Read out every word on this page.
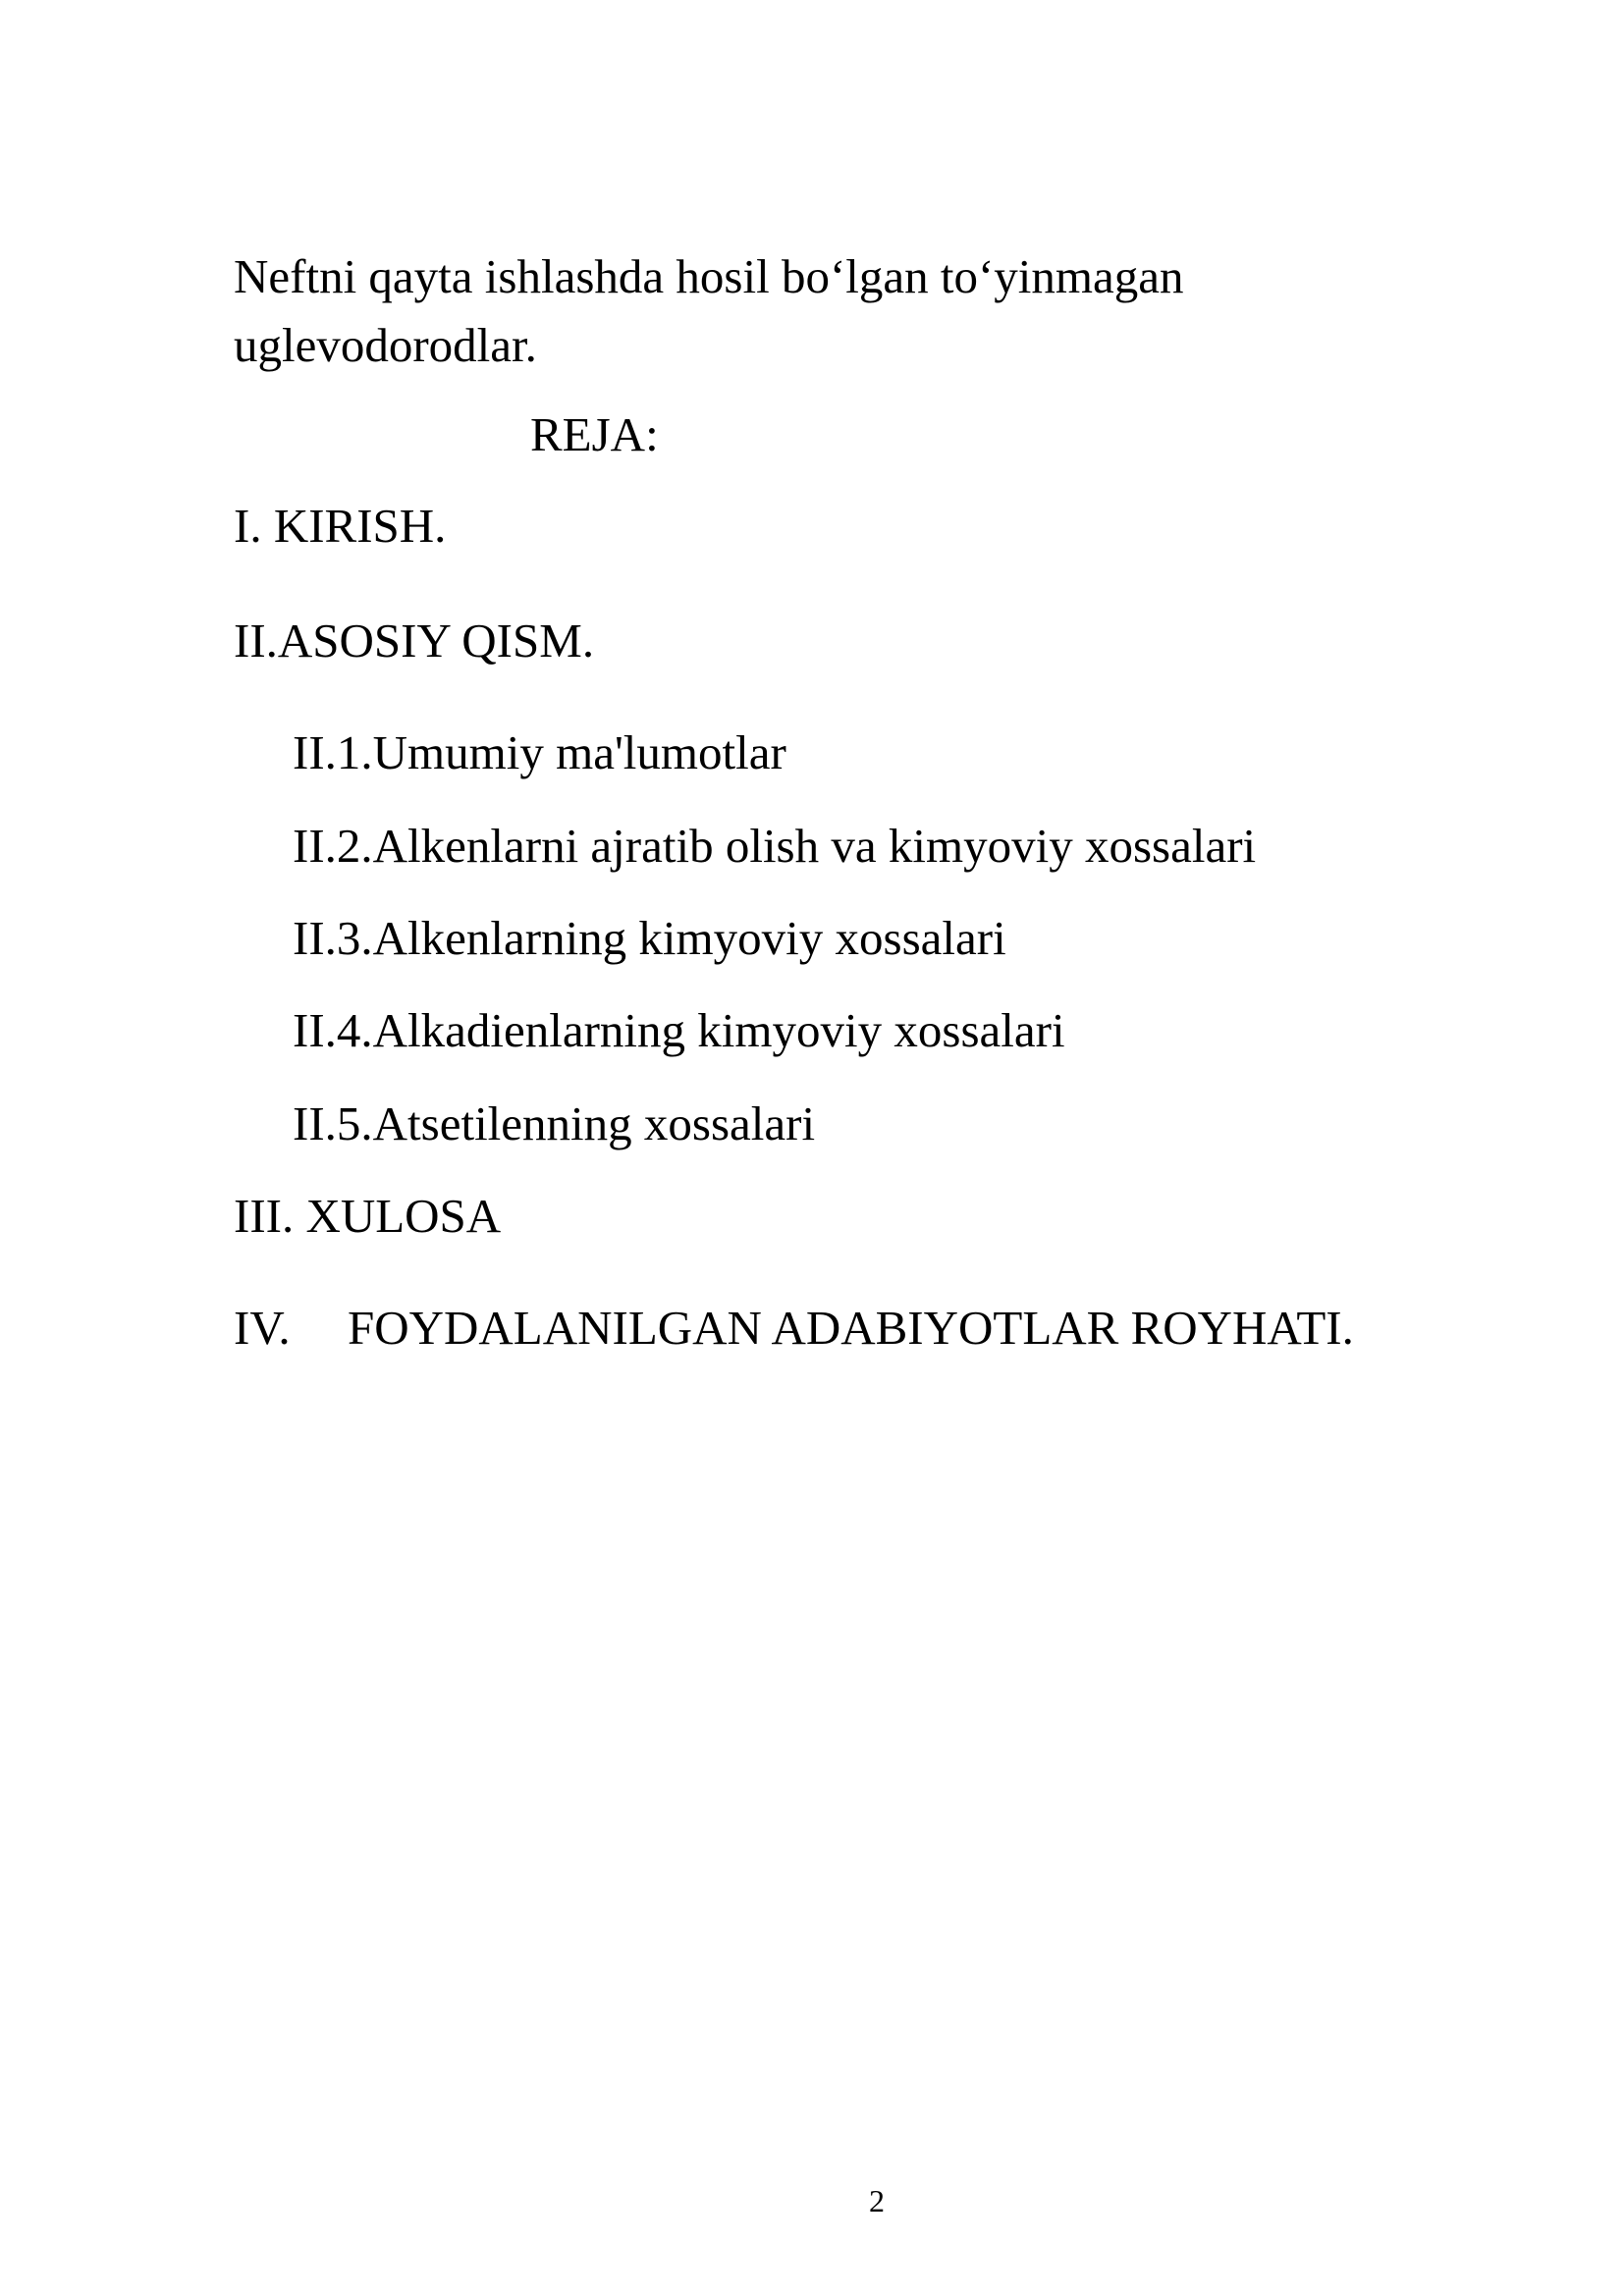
Neftni qayta ishlashda hosil bo‘lgan to‘yinmagan
uglevodorodlar.
REJA:
I. KIRISH.
II.ASOSIY QISM.
II.1.Umumiy ma'lumotlar
II.2.Alkenlarni ajratib olish va kimyoviy xossalari
II.3.Alkenlarning kimyoviy xossalari
II.4.Alkadienlarning kimyoviy xossalari
II.5.Atsetilenning xossalari
III. XULOSA
IV. FOYDALANILGAN ADABIYOTLAR ROYHATI.
2
